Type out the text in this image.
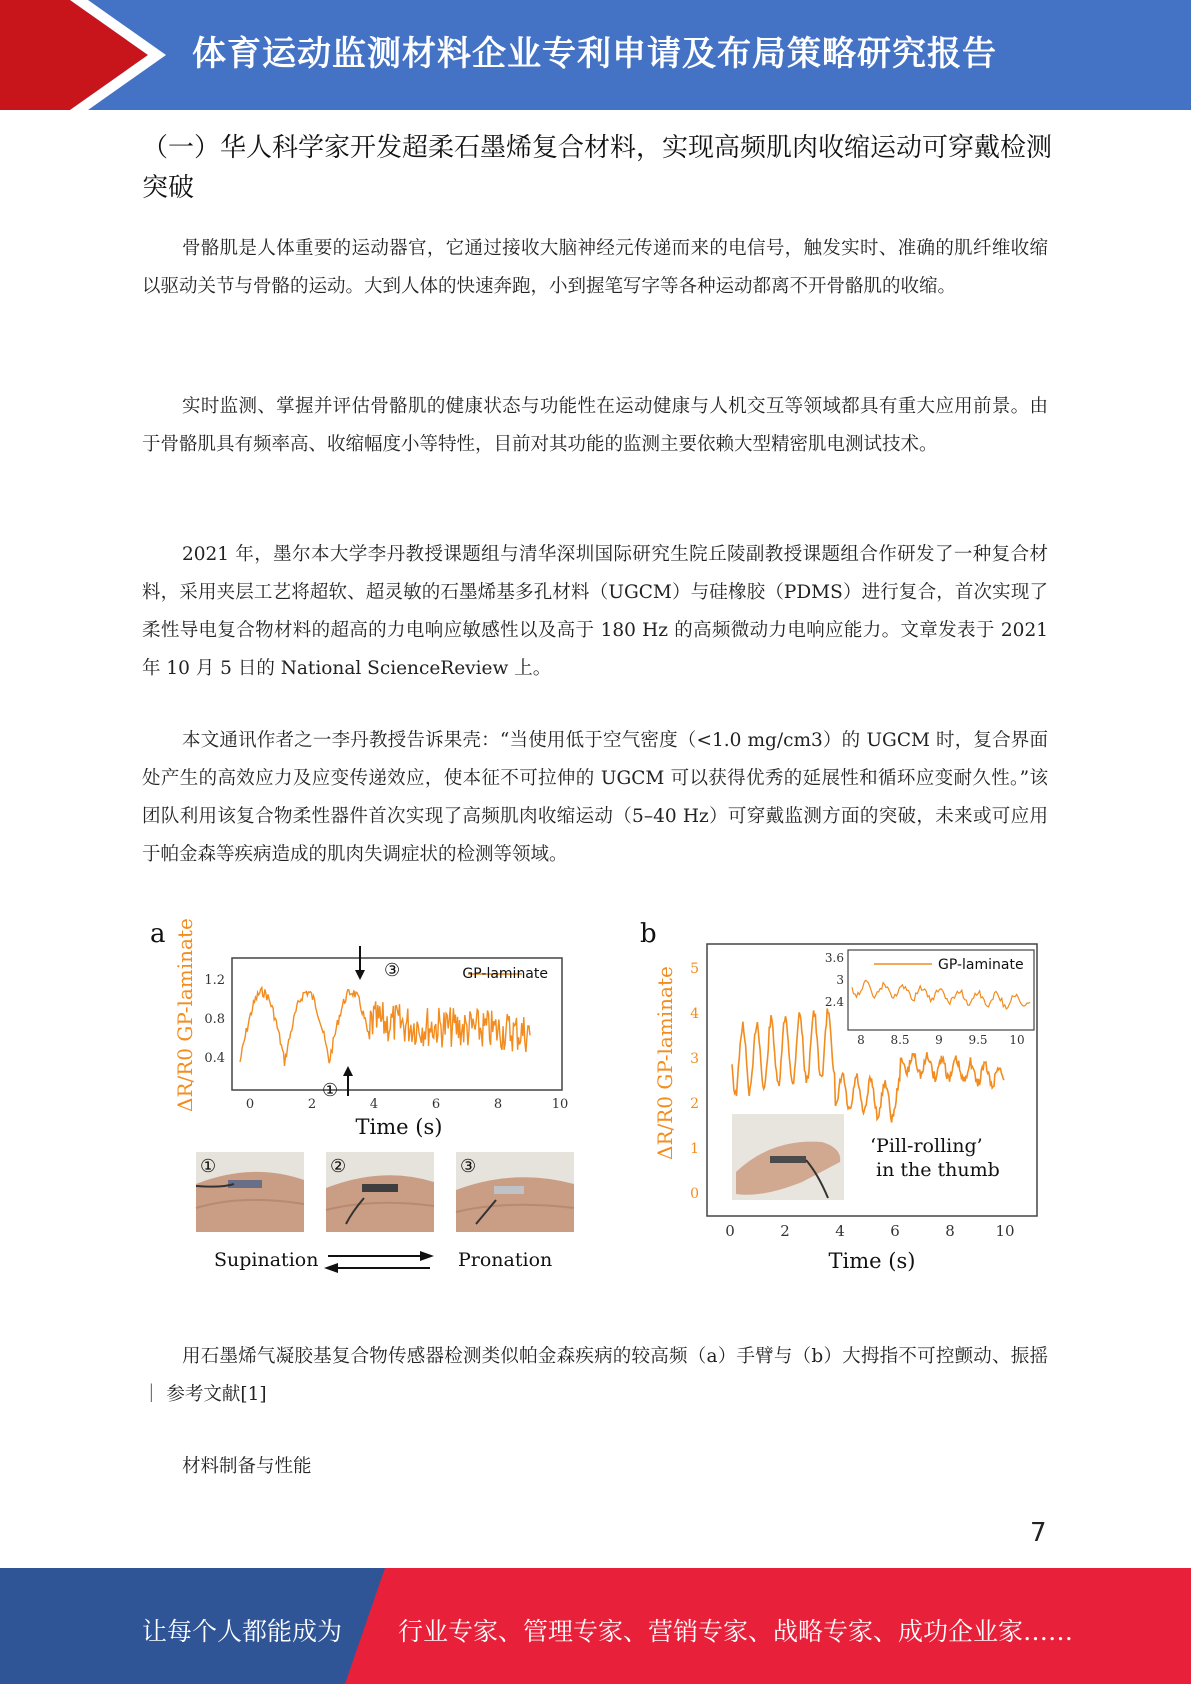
体育运动监测材料企业专利申请及布局策略研究报告
（一）华人科学家开发超柔石墨烯复合材料，实现高频肌肉收缩运动可穿戴检测突破

骨骼肌是人体重要的运动器官，它通过接收大脑神经元传递而来的电信号，触发实时、准确的肌纤维收缩以驱动关节与骨骼的运动。大到人体的快速奔跑，小到握笔写字等各种运动都离不开骨骼肌的收缩。

实时监测、掌握并评估骨骼肌的健康状态与功能性在运动健康与人机交互等领域都具有重大应用前景。由于骨骼肌具有频率高、收缩幅度小等特性，目前对其功能的监测主要依赖大型精密肌电测试技术。

2021 年，墨尔本大学李丹教授课题组与清华深圳国际研究生院丘陵副教授课题组合作研发了一种复合材料，采用夹层工艺将超软、超灵敏的石墨烯基多孔材料（UGCM）与硅橡胶（PDMS）进行复合，首次实现了柔性导电复合物材料的超高的力电响应敏感性以及高于 180 Hz 的高频微动力电响应能力。文章发表于 2021 年 10 月 5 日的 National ScienceReview 上。

本文通讯作者之一李丹教授告诉果壳：“当使用低于空气密度（<1.0 mg/cm3）的 UGCM 时，复合界面处产生的高效应力及应变传递效应，使本征不可拉伸的 UGCM 可以获得优秀的延展性和循环应变耐久性。”该团队利用该复合物柔性器件首次实现了高频肌肉收缩运动（5–40 Hz）可穿戴监测方面的突破，未来或可应用于帕金森等疾病造成的肌肉失调症状的检测等领域。

a ΔR/R0 GP-laminate 1.2
0.8
0.4
0	2	4	6	8	10
Time (s)
GP-laminate
③
①
①	②	③
Supination	Pronation
b
ΔR/R0 GP-laminate
0
1
2
3
4
5
0	2	4	6	8	10
Time (s)
GP-laminate
3.6
3
2.4
8 8.5 9 9.5 10
‘Pill-rolling’
in the thumb

用石墨烯气凝胶基复合物传感器检测类似帕金森疾病的较高频（a）手臂与（b）大拇指不可控颤动、振摇 ｜ 参考文献[1]

材料制备与性能

7
让每个人都能成为 行业专家、管理专家、营销专家、战略专家、成功企业家……
